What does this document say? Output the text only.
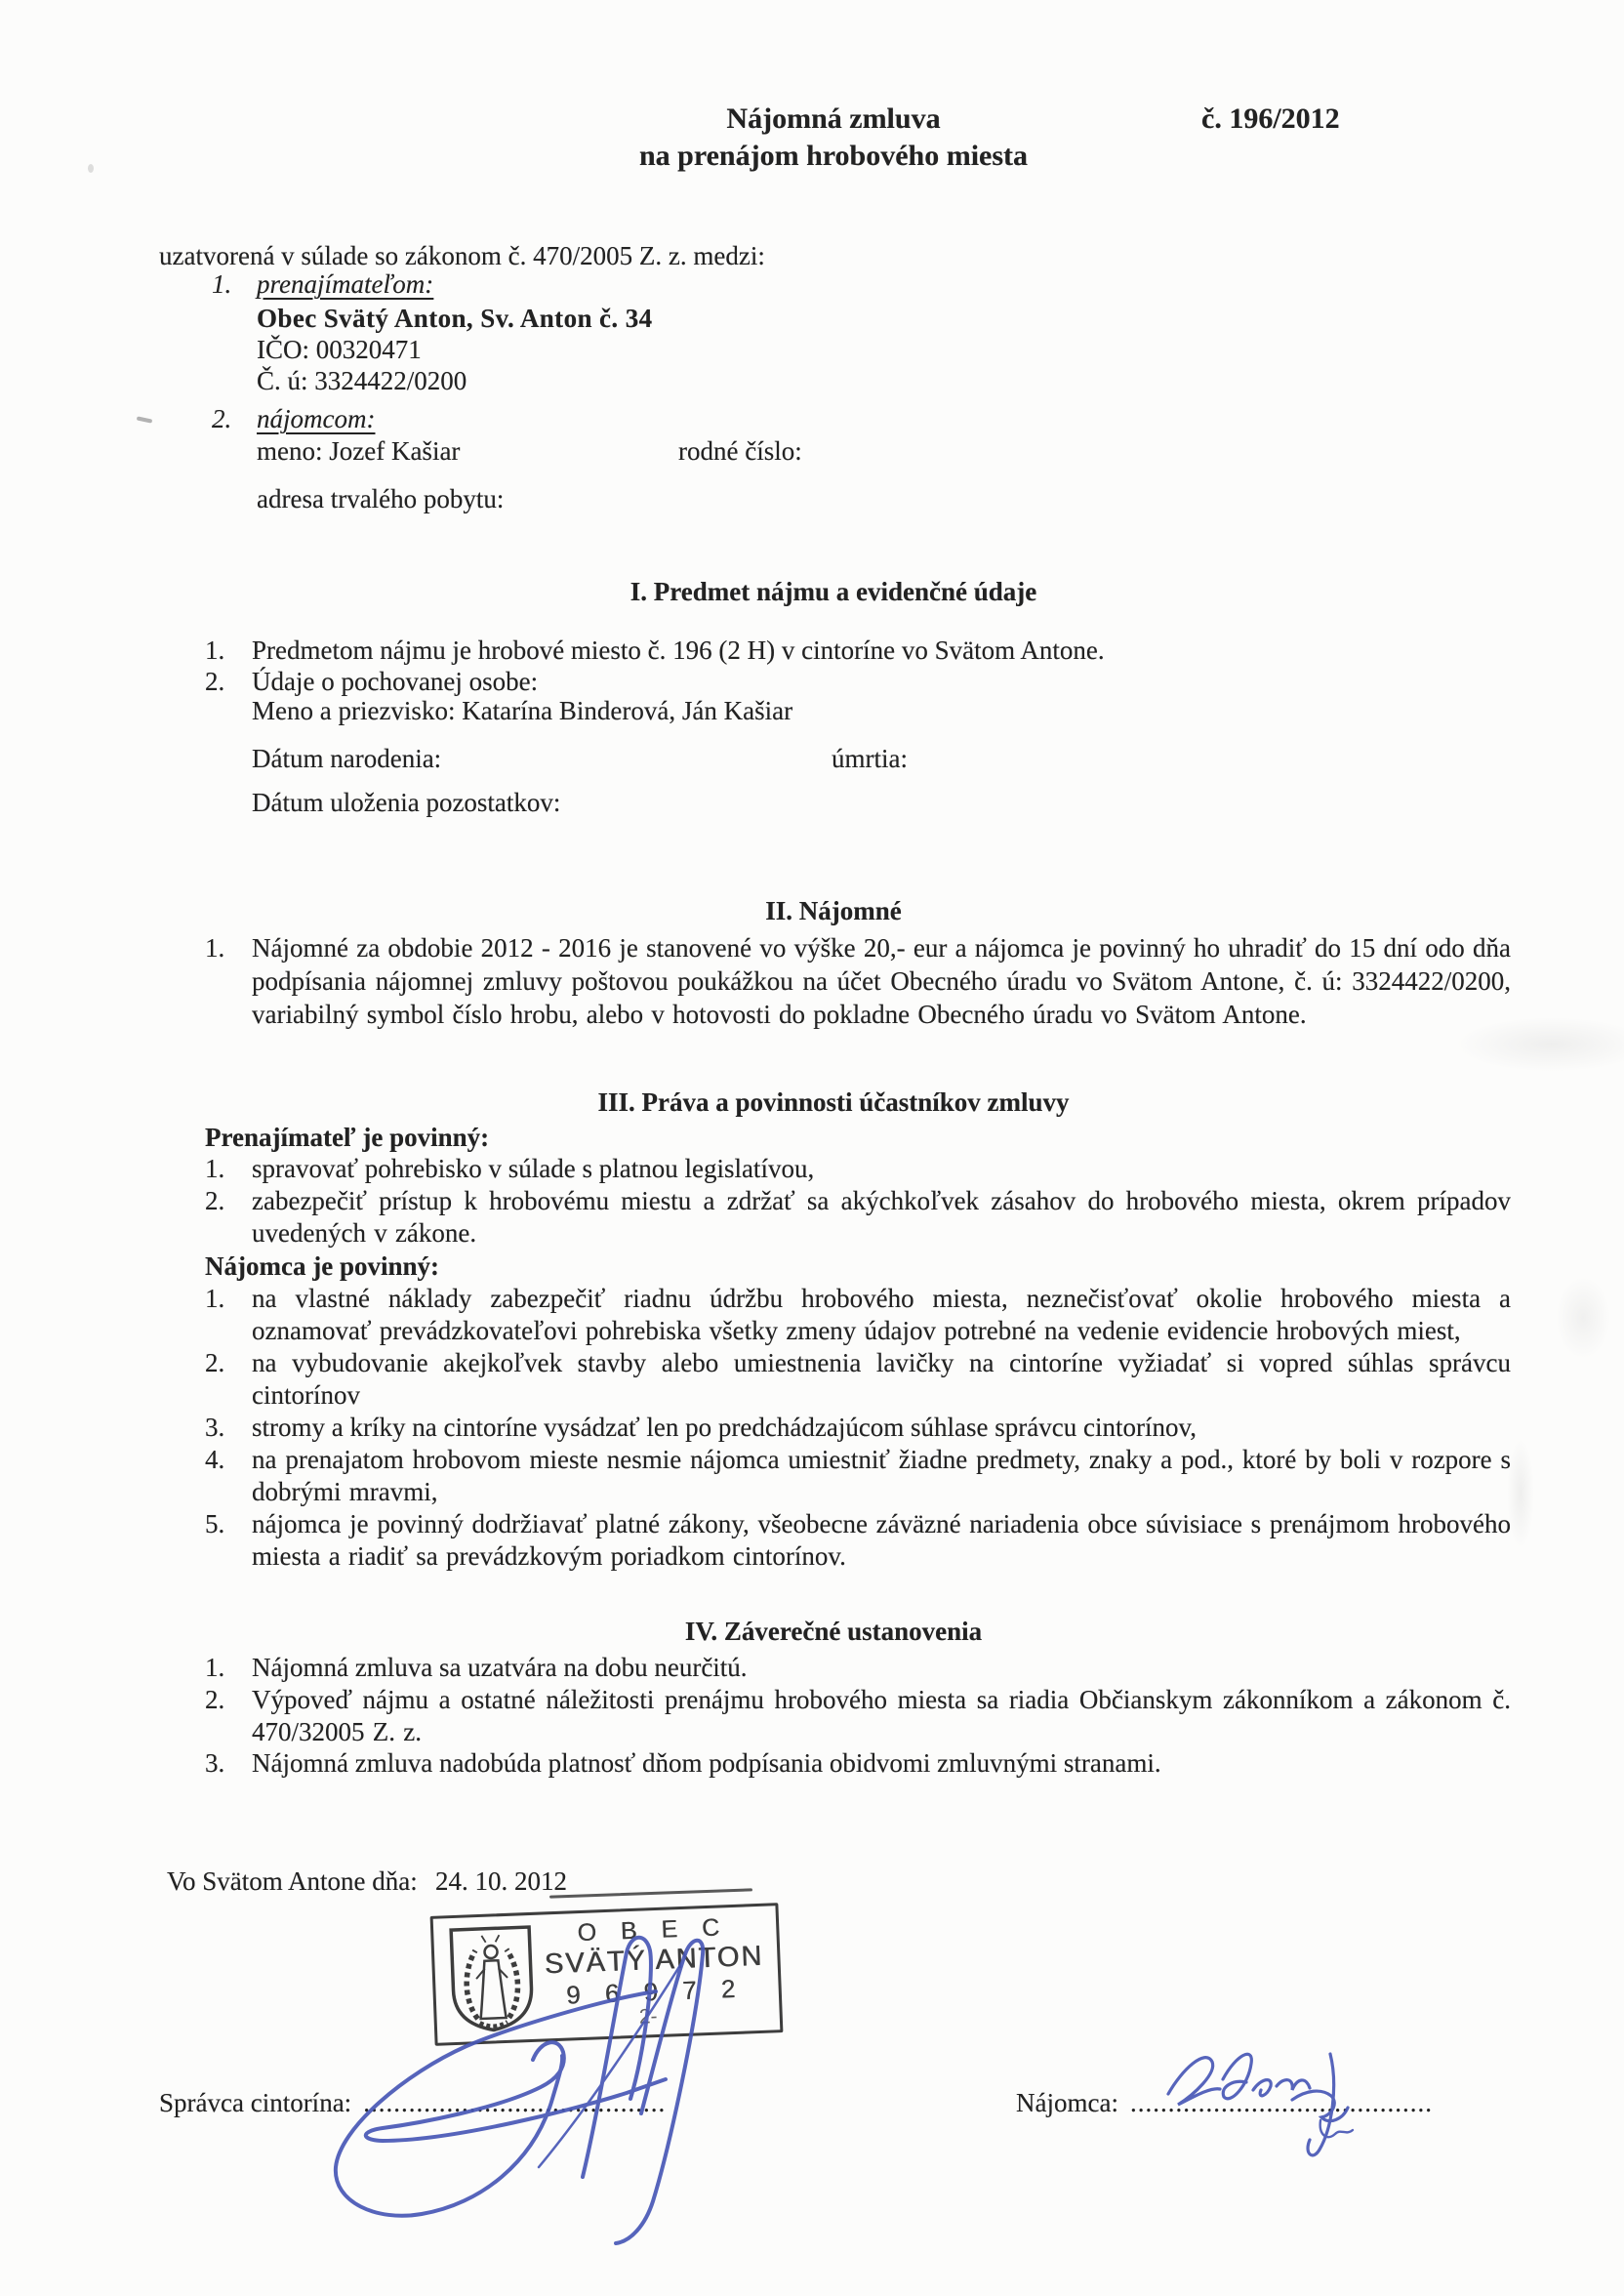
Nájomná zmluva
na prenájom hrobového miesta
č. 196/2012
uzatvorená v súlade so zákonom č. 470/2005 Z. z. medzi:
1. prenajímateľom:
Obec Svätý Anton, Sv. Anton č. 34
IČO: 00320471
Č. ú: 3324422/0200
2. nájomcom:
meno: Jozef Kašiar	rodné číslo:
adresa trvalého pobytu:
I. Predmet nájmu a evidenčné údaje
1.	Predmetom nájmu je hrobové miesto č. 196 (2 H) v cintoríne vo Svätom Antone.
2.	Údaje o pochovanej osobe:
Meno a priezvisko: Katarína Binderová, Ján Kašiar
Dátum narodenia:	úmrtia:
Dátum uloženia pozostatkov:
II. Nájomné
1.	Nájomné za obdobie 2012 - 2016 je stanovené vo výške 20,- eur a nájomca je povinný ho uhradiť do 15 dní odo dňa podpísania nájomnej zmluvy poštovou poukážkou na účet Obecného úradu vo Svätom Antone, č. ú: 3324422/0200, variabilný symbol číslo hrobu, alebo v hotovosti do pokladne Obecného úradu vo Svätom Antone.
III. Práva a povinnosti účastníkov zmluvy
Prenajímateľ je povinný:
1.	spravovať pohrebisko v súlade s platnou legislatívou,
2.	zabezpečiť prístup k hrobovému miestu a zdržať sa akýchkoľvek zásahov do hrobového miesta, okrem prípadov uvedených v zákone.
Nájomca je povinný:
1.	na vlastné náklady zabezpečiť riadnu údržbu hrobového miesta, neznečisťovať okolie hrobového miesta a oznamovať prevádzkovateľovi pohrebiska všetky zmeny údajov potrebné na vedenie evidencie hrobových miest,
2.	na vybudovanie akejkoľvek stavby alebo umiestnenia lavičky na cintoríne vyžiadať si vopred súhlas správcu cintorínov
3.	stromy a kríky na cintoríne vysádzať len po predchádzajúcom súhlase správcu cintorínov,
4.	na prenajatom hrobovom mieste nesmie nájomca umiestniť žiadne predmety, znaky a pod., ktoré by boli v rozpore s dobrými mravmi,
5.	nájomca je povinný dodržiavať platné zákony, všeobecne záväzné nariadenia obce súvisiace s prenájmom hrobového miesta a riadiť sa prevádzkovým poriadkom cintorínov.
IV. Záverečné ustanovenia
1.	Nájomná zmluva sa uzatvára na dobu neurčitú.
2.	Výpoveď nájmu a ostatné náležitosti prenájmu hrobového miesta sa riadia Občianskym zákonníkom a zákonom č. 470/32005 Z. z.
3.	Nájomná zmluva nadobúda platnosť dňom podpísania obidvomi zmluvnými stranami.
Vo Svätom Antone dňa: 24. 10. 2012
O B E C
SVÄTÝ ANTON
9 6 9 7 2
2-
Správca cintorína: ........................................	Nájomca: ........................................
